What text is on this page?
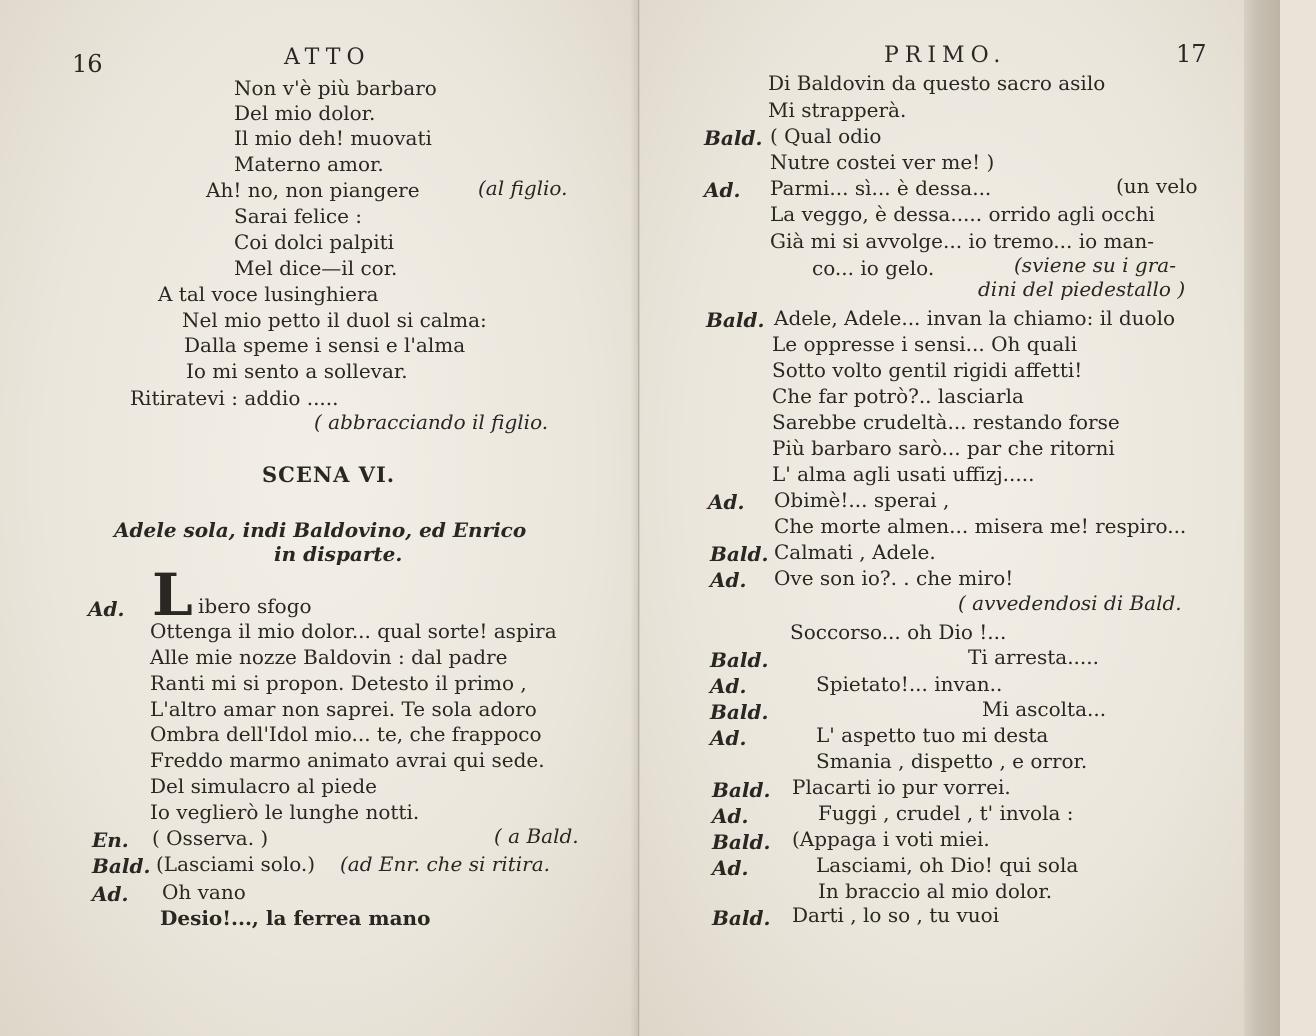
16	ATTO
Non v'è più barbaro
Del mio dolor.
Il mio deh! muovati
Materno amor.
Ah! no, non piangere	(al figlio.
Sarai felice :
Coi dolci palpiti
Mel dice—il cor.
A tal voce lusinghiera
Nel mio petto il duol si calma:
Dalla speme i sensi e l'alma
Io mi sento a sollevar.
Ritiratevi : addio .....
( abbracciando il figlio.
SCENA VI.
Adele sola, indi Baldovino, ed Enrico
in disparte.
Ad. L ibero sfogo
Ottenga il mio dolor... qual sorte! aspira
Alle mie nozze Baldovin : dal padre
Ranti mi si propon. Detesto il primo ,
L'altro amar non saprei. Te sola adoro
Ombra dell'Idol mio... te, che frappoco
Freddo marmo animato avrai qui sede.
Del simulacro al piede
Io veglierò le lunghe notti.
En. ( Osserva. )	( a Bald.
Bald. (Lasciami solo.) (ad Enr. che si ritira.
Ad. Oh vano
Desio!..., la ferrea mano
PRIMO.	17
Di Baldovin da questo sacro asilo
Mi strapperà.
Bald. ( Qual odio
Nutre costei ver me! )
Ad. Parmi... sì... è dessa...	(un velo
La veggo, è dessa..... orrido agli occhi
Già mi si avvolge... io tremo... io man-
co... io gelo.	(sviene su i gra-
dini del piedestallo )
Bald. Adele, Adele... invan la chiamo: il duolo
Le oppresse i sensi... Oh quali
Sotto volto gentil rigidi affetti!
Che far potrò?.. lasciarla
Sarebbe crudeltà... restando forse
Più barbaro sarò... par che ritorni
L' alma agli usati uffizj.....
Ad. Obimè!... sperai ,
Che morte almen... misera me! respiro...
Bald. Calmati , Adele.
Ad. Ove son io?. . che miro!
( avvedendosi di Bald.
Soccorso... oh Dio !...
Bald.	Ti arresta.....
Ad.	Spietato!... invan..
Bald.	Mi ascolta...
Ad.	L' aspetto tuo mi desta
Smania , dispetto , e orror.
Bald. Placarti io pur vorrei.
Ad.	Fuggi , crudel , t' invola :
Bald. (Appaga i voti miei.
Ad.	Lasciami, oh Dio! qui sola
In braccio al mio dolor.
Bald. Darti , lo so , tu vuoi
